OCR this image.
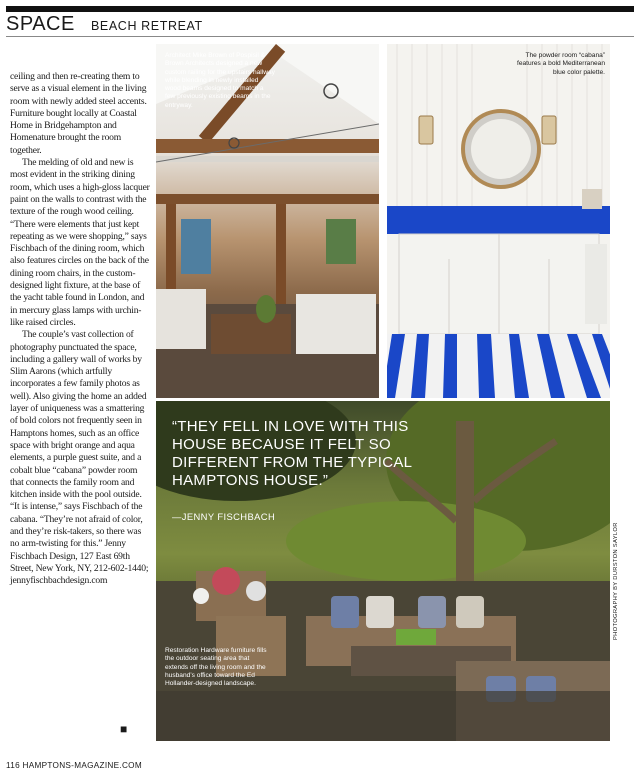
SPACE BEACH RETREAT

ceiling and then re-creating them to serve as a visual element in the living room with newly added steel accents. Furniture bought locally at Coastal Home in Bridgehampton and Homenature brought the room together.

The melding of old and new is most evident in the striking dining room, which uses a high-gloss lacquer paint on the walls to contrast with the texture of the rough wood ceiling. “There were elements that just kept repeating as we were shopping,” says Fischbach of the dining room, which also features circles on the back of the dining room chairs, in the custom-designed light fixture, at the base of the yacht table found in London, and in mercury glass lamps with urchin-like raised circles.

The couple’s vast collection of photography punctuated the space, including a gallery wall of works by Slim Aarons (which artfully incorporates a few family photos as well). Also giving the home an added layer of uniqueness was a smattering of bold colors not frequently seen in Hamptons homes, such as an office space with bright orange and aqua elements, a purple guest suite, and a cobalt blue “cabana” powder room that connects the family room and kitchen inside with the pool outside. “It is intense,” says Fischbach of the cabana. “They’re not afraid of color, and they’re risk-takers, so there was no arm-twisting for this.” Jenny Fischbach Design, 127 East 69th Street, New York, NY, 212-602-1440; jennyfischbachdesign.com

■
Architect Mike Brown of Pospisil & Brown Architects designed a new custom railing for the upstairs hallway while blending in newly installed wood beams designed to match a few previously existing beams in the entryway.
The powder room “cabana” features a bold Mediterranean blue color palette.
Restoration Hardware furniture fills the outdoor seating area that extends off the living room and the husband’s office toward the Ed Hollander-designed landscape.
“THEY FELL IN LOVE WITH THIS HOUSE BECAUSE IT FELT SO DIFFERENT FROM THE TYPICAL HAMPTONS HOUSE.”
—JENNY FISCHBACH
PHOTOGRAPHY BY DURSTON SAYLOR
116 HAMPTONS-MAGAZINE.COM
